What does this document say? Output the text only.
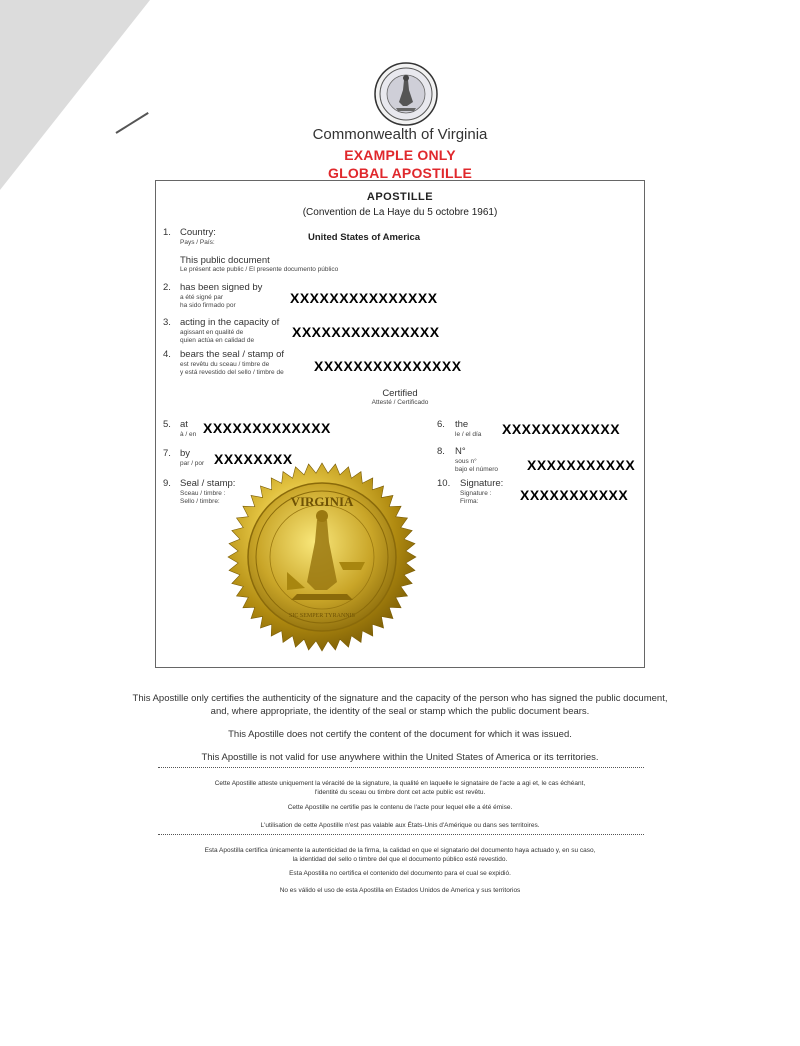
Commonwealth of Virginia
EXAMPLE ONLY
GLOBAL APOSTILLE
APOSTILLE
(Convention de La Haye du 5 octobre 1961)
1. Country:
Pays / País:	United States of America
This public document
Le présent acte public / El presente documento público
2. has been signed by
a été signé par
ha sido firmado por	XXXXXXXXXXXXXXX
3. acting in the capacity of
agissant en qualité de
quien actúa en calidad de
XXXXXXXXXXXXXXX
4. bears the seal / stamp of
est revêtu du sceau / timbre de
y está revestido del sello / timbre de XXXXXXXXXXXXXXX
Certified
Attesté / Certificado
5. at
à / en XXXXXXXXXXXXX	6. the
le / el día XXXXXXXXXXXX
7. by
par / por XXXXXXXX	8. N°
sous n°
bajo el número XXXXXXXXXXX
9. Seal / stamp:
Sceau / timbre :
Sello / timbre:
10. Signature:
Signature :
Firma:	XXXXXXXXXXX
VIRGINIA
SIC SEMPER TYRANNIS
This Apostille only certifies the authenticity of the signature and the capacity of the person who has signed the public document,
and, where appropriate, the identity of the seal or stamp which the public document bears.
This Apostille does not certify the content of the document for which it was issued.
This Apostille is not valid for use anywhere within the United States of America or its territories.
Cette Apostille atteste uniquement la véracité de la signature, la qualité en laquelle le signataire de l'acte a agi et, le cas échéant,
l'identité du sceau ou timbre dont cet acte public est revêtu.
Cette Apostille ne certifie pas le contenu de l'acte pour lequel elle a été émise.
L'utilisation de cette Apostille n'est pas valable aux États-Unis d'Amérique ou dans ses territoires.
Esta Apostilla certifica únicamente la autenticidad de la firma, la calidad en que el signatario del documento haya actuado y, en su caso,
la identidad del sello o timbre del que el documento público esté revestido.
Esta Apostilla no certifica el contenido del documento para el cual se expidió.
No es válido el uso de esta Apostilla en Estados Unidos de America y sus territorios
